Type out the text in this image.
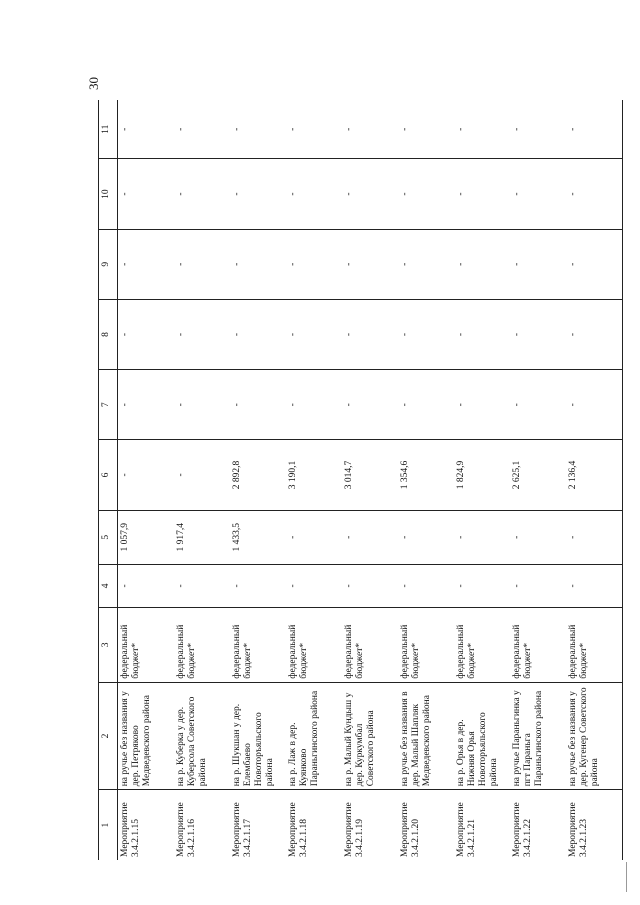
1	2	3	4	5	6	7	8	9	10	11
Мероприятие 3.4.2.1.15	на ручье без названия у дер. Петряково Медведевского района	федеральный бюджет*	-	1 057,9	-	-	-	-	-	-
Мероприятие 3.4.2.1.16	на р. Куберка у дер. Куберсола Советского района	федеральный бюджет*	-	1 917,4	-	-	-	-	-	-
Мероприятие 3.4.2.1.17	на р. Шукшан у дер. Елембаево Новоторъяльского района	федеральный бюджет*	-	1 433,5	2 892,8	-	-	-	-	-
Мероприятие 3.4.2.1.18	на р. Лаж в дер. Куянково Параньгинского района	федеральный бюджет*	-	-	3 190,1	-	-	-	-	-
Мероприятие 3.4.2.1.19	на р. Малый Кундыш у дер. Куркумбал Советского района	федеральный бюджет*	-	-	3 014,7	-	-	-	-	-
Мероприятие 3.4.2.1.20	на ручье без названия в дер. Малый Шапляк Медведевского района	федеральный бюджет*	-	-	1 354,6	-	-	-	-	-
Мероприятие 3.4.2.1.21	на р. Орья в дер. Нижняя Орья Новоторъяльского района	федеральный бюджет*	-	-	1 824,9	-	-	-	-	-
Мероприятие 3.4.2.1.22	на ручье Параньгинка у пгт Параньга Параньгинского района	федеральный бюджет*	-	-	2 625,1	-	-	-	-	-
Мероприятие 3.4.2.1.23	на ручье без названия у дер. Кугенер Советского района	федеральный бюджет*	-	-	2 136,4	-	-	-	-	-
30
